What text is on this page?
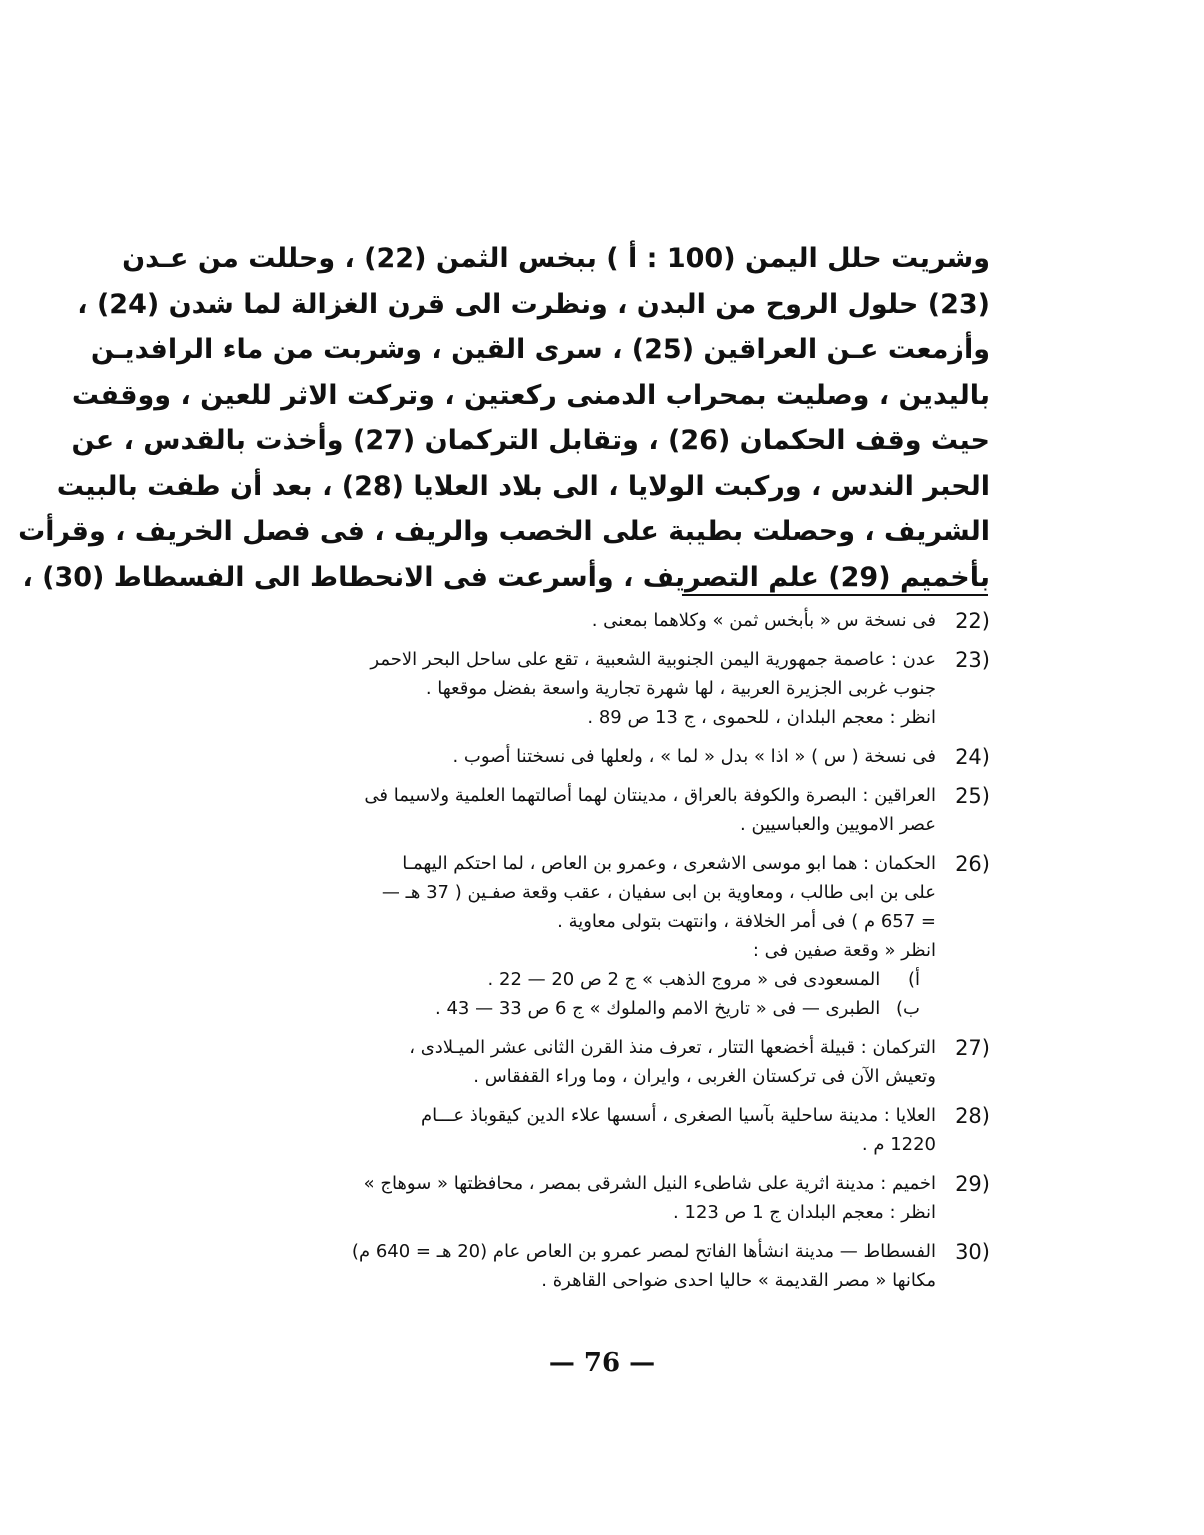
وشريت حلل اليمن (100 : أ ) ببخس الثمن (22) ، وحللت من عـدن
(23) حلول الروح من البدن ، ونظرت الى قرن الغزالة لما شدن (24) ،
وأزمعت عـن العراقين (25) ، سرى القين ، وشربت من ماء الرافديـن
باليدين ، وصليت بمحراب الدمنى ركعتين ، وتركت الاثر للعين ، ووقفت
حيث وقف الحكمان (26) ، وتقابل التركمان (27) وأخذت بالقدس ، عن
الحبر الندس ، وركبت الولايا ، الى بلاد العلايا (28) ، بعد أن طفت بالبيت
الشريف ، وحصلت بطيبة على الخصب والريف ، فى فصل الخريف ، وقرأت
بأخميم (29) علم التصريف ، وأسرعت فى الانحطاط الى الفسطاط (30) ،
(22
فى نسخة س « بأبخس ثمن » وكلاهما بمعنى .
(23
عدن : عاصمة جمهورية اليمن الجنوبية الشعبية ، تقع على ساحل البحر الاحمر
جنوب غربى الجزيرة العربية ، لها شهرة تجارية واسعة بفضل موقعها .
انظر : معجم البلدان ، للحموى ، ج 13 ص 89 .
(24
فى نسخة ( س ) « اذا » بدل « لما » ، ولعلها فى نسختنا أصوب .
(25
العراقين : البصرة والكوفة بالعراق ، مدينتان لهما أصالتهما العلمية ولاسيما فى
عصر الامويين والعباسيين .
(26
الحكمان : هما ابو موسى الاشعرى ، وعمرو بن العاص ، لما احتكم اليهمـا
على بن ابى طالب ، ومعاوية بن ابى سفيان ، عقب وقعة صفـين ( 37 هـ —
= 657 م ) فى أمر الخلافة ، وانتهت بتولى معاوية .
انظر « وقعة صفين فى :
أ) المسعودى فى « مروج الذهب » ج 2 ص 20 — 22 .
ب) الطبرى — فى « تاريخ الامم والملوك » ج 6 ص 33 — 43 .
(27
التركمان : قبيلة أخضعها التتار ، تعرف منذ القرن الثانى عشر الميـلادى ،
وتعيش الآن فى تركستان الغربى ، وايران ، وما وراء القفقاس .
(28
العلايا : مدينة ساحلية بآسيا الصغرى ، أسسها علاء الدين كيقوباذ عـــام
1220 م .
(29
اخميم : مدينة اثرية على شاطىء النيل الشرقى بمصر ، محافظتها « سوهاج »
انظر : معجم البلدان ج 1 ص 123 .
(30
الفسطاط — مدينة انشأها الفاتح لمصر عمرو بن العاص عام (20 هـ = 640 م)
مكانها « مصر القديمة » حاليا احدى ضواحى القاهرة .
— 76 —
